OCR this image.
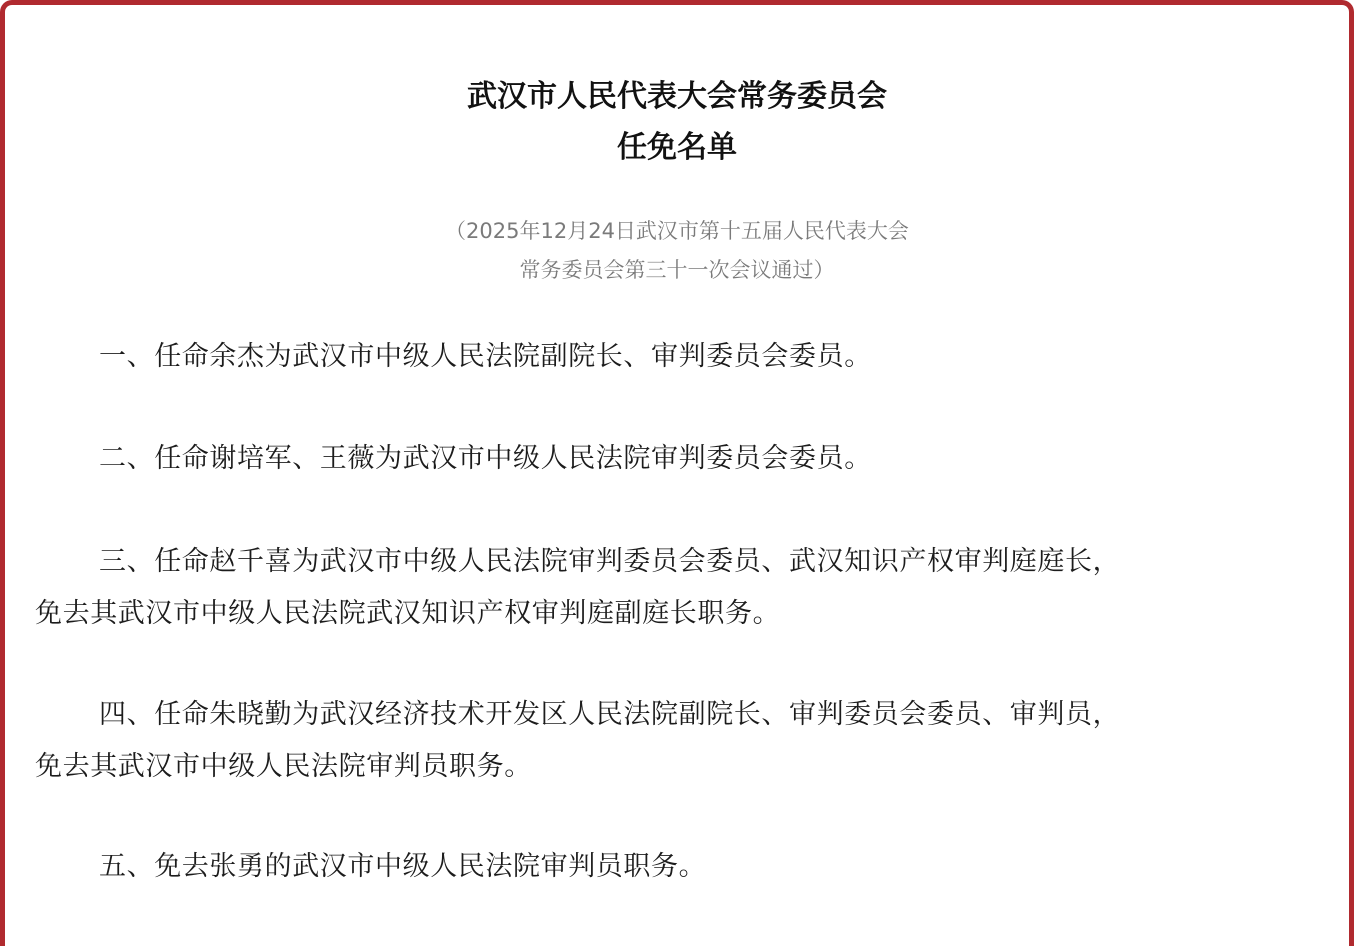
武汉市人民代表大会常务委员会
任免名单
（2025年12月24日武汉市第十五届人民代表大会
常务委员会第三十一次会议通过）
一、任命余杰为武汉市中级人民法院副院长、审判委员会委员。
二、任命谢培军、王薇为武汉市中级人民法院审判委员会委员。
三、任命赵千喜为武汉市中级人民法院审判委员会委员、武汉知识产权审判庭庭长，
免去其武汉市中级人民法院武汉知识产权审判庭副庭长职务。
四、任命朱晓勤为武汉经济技术开发区人民法院副院长、审判委员会委员、审判员，
免去其武汉市中级人民法院审判员职务。
五、免去张勇的武汉市中级人民法院审判员职务。
